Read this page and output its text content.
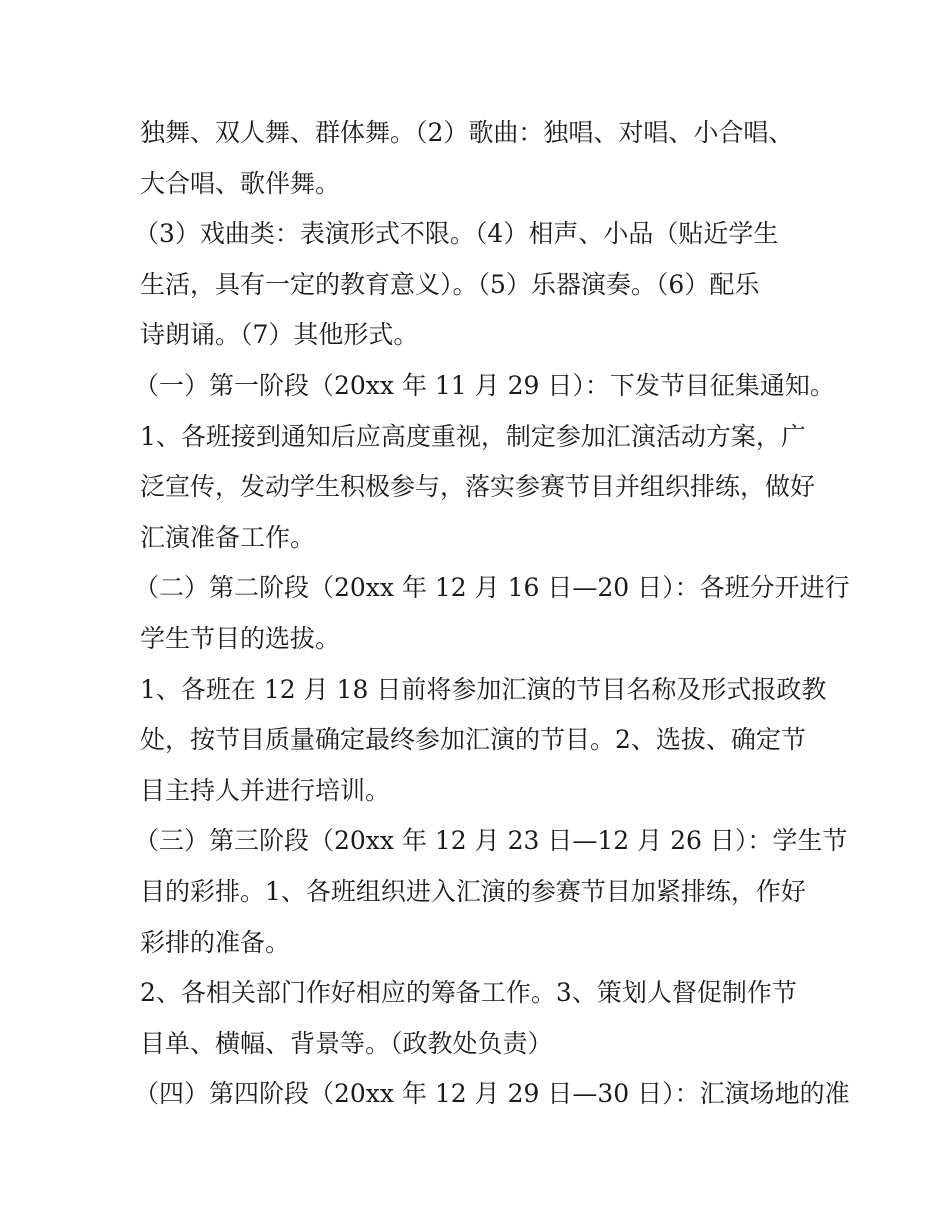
独舞、双人舞、群体舞。（2）歌曲：独唱、对唱、小合唱、
大合唱、歌伴舞。
（3）戏曲类：表演形式不限。（4）相声、小品（贴近学生
生活，具有一定的教育意义）。（5）乐器演奏。（6）配乐
诗朗诵。（7）其他形式。
（一）第一阶段（20xx 年 11 月 29 日）：下发节目征集通知。
1、各班接到通知后应高度重视，制定参加汇演活动方案，广
泛宣传，发动学生积极参与，落实参赛节目并组织排练，做好
汇演准备工作。
（二）第二阶段（20xx 年 12 月 16 日—20 日）：各班分开进行
学生节目的选拔。
1、各班在 12 月 18 日前将参加汇演的节目名称及形式报政教
处，按节目质量确定最终参加汇演的节目。2、选拔、确定节
目主持人并进行培训。
（三）第三阶段（20xx 年 12 月 23 日—12 月 26 日）：学生节
目的彩排。1、各班组织进入汇演的参赛节目加紧排练，作好
彩排的准备。
2、各相关部门作好相应的筹备工作。3、策划人督促制作节
目单、横幅、背景等。（政教处负责）
（四）第四阶段（20xx 年 12 月 29 日—30 日）：汇演场地的准
